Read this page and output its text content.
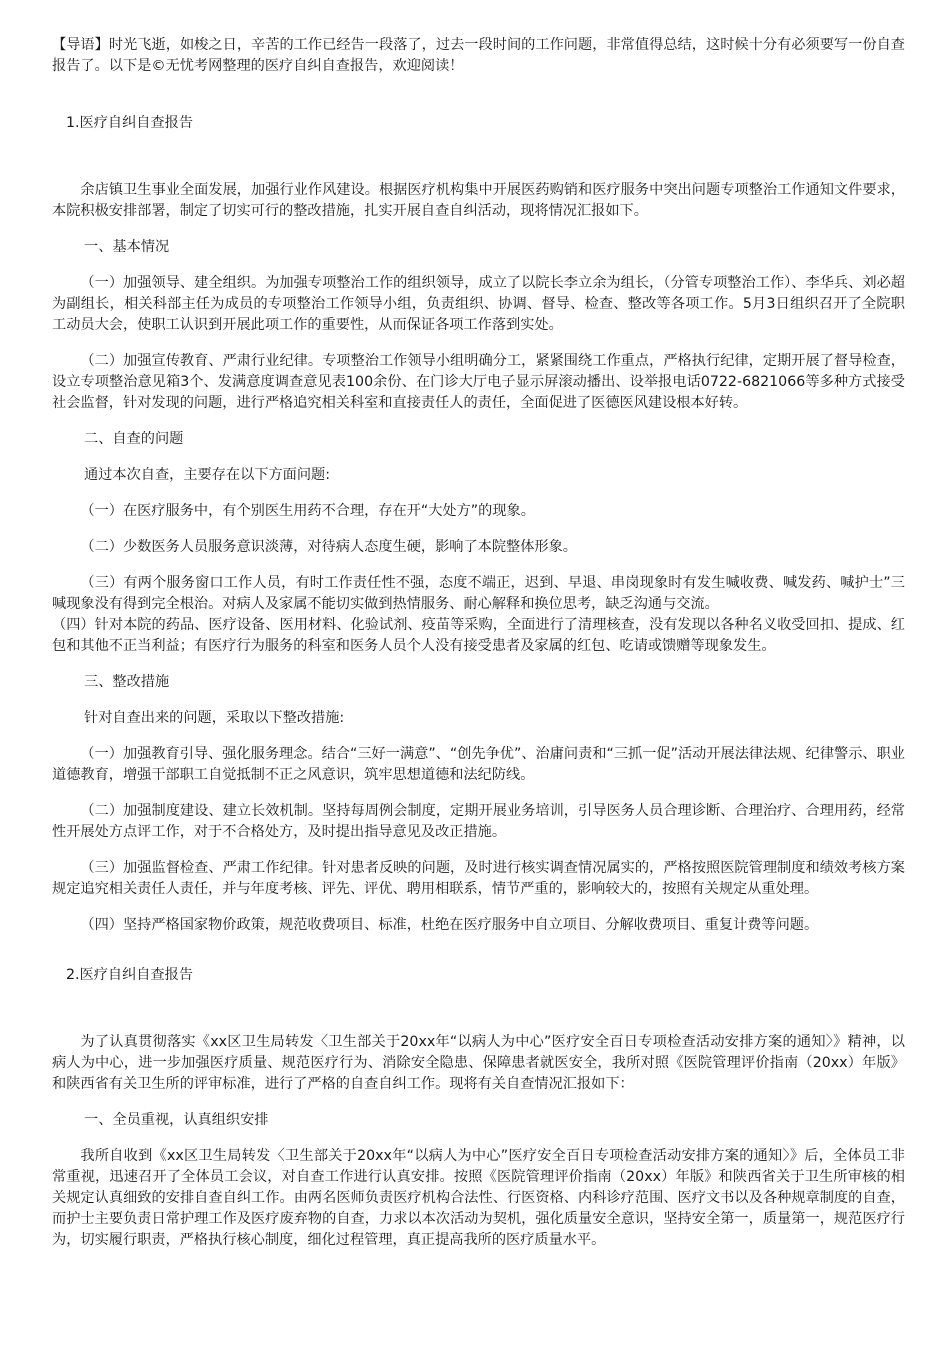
【导语】时光飞逝，如梭之日，辛苦的工作已经告一段落了，过去一段时间的工作问题，非常值得总结，这时候十分有必须要写一份自查报告了。以下是©无忧考网整理的医疗自纠自查报告，欢迎阅读！

1.医疗自纠自查报告

余店镇卫生事业全面发展，加强行业作风建设。根据医疗机构集中开展医药购销和医疗服务中突出问题专项整治工作通知文件要求，本院积极安排部署，制定了切实可行的整改措施，扎实开展自查自纠活动，现将情况汇报如下。

一、基本情况

（一）加强领导、建全组织。为加强专项整治工作的组织领导，成立了以院长李立余为组长，（分管专项整治工作）、李华兵、刘必超为副组长，相关科部主任为成员的专项整治工作领导小组，负责组织、协调、督导、检查、整改等各项工作。5月3日组织召开了全院职工动员大会，使职工认识到开展此项工作的重要性，从而保证各项工作落到实处。

（二）加强宣传教育、严肃行业纪律。专项整治工作领导小组明确分工，紧紧围绕工作重点，严格执行纪律，定期开展了督导检查，设立专项整治意见箱3个、发满意度调查意见表100余份、在门诊大厅电子显示屏滚动播出、设举报电话0722-6821066等多种方式接受社会监督，针对发现的问题，进行严格追究相关科室和直接责任人的责任，全面促进了医德医风建设根本好转。

二、自查的问题

通过本次自查，主要存在以下方面问题:

（一）在医疗服务中，有个别医生用药不合理，存在开“大处方”的现象。

（二）少数医务人员服务意识淡薄，对待病人态度生硬，影响了本院整体形象。

（三）有两个服务窗口工作人员，有时工作责任性不强，态度不端正，迟到、早退、串岗现象时有发生喊收费、喊发药、喊护士”三喊现象没有得到完全根治。对病人及家属不能切实做到热情服务、耐心解释和换位思考，缺乏沟通与交流。

（四）针对本院的药品、医疗设备、医用材料、化验试剂、疫苗等采购，全面进行了清理核查，没有发现以各种名义收受回扣、提成、红包和其他不正当利益；有医疗行为服务的科室和医务人员个人没有接受患者及家属的红包、吃请或馈赠等现象发生。

三、整改措施

针对自查出来的问题，采取以下整改措施:

（一）加强教育引导、强化服务理念。结合“三好一满意”、“创先争优”、治庸问责和“三抓一促”活动开展法律法规、纪律警示、职业道德教育，增强干部职工自觉抵制不正之风意识，筑牢思想道德和法纪防线。

（二）加强制度建设、建立长效机制。坚持每周例会制度，定期开展业务培训，引导医务人员合理诊断、合理治疗、合理用药，经常性开展处方点评工作，对于不合格处方，及时提出指导意见及改正措施。

（三）加强监督检查、严肃工作纪律。针对患者反映的问题，及时进行核实调查情况属实的，严格按照医院管理制度和绩效考核方案规定追究相关责任人责任，并与年度考核、评先、评优、聘用相联系，情节严重的，影响较大的，按照有关规定从重处理。

（四）坚持严格国家物价政策，规范收费项目、标准，杜绝在医疗服务中自立项目、分解收费项目、重复计费等问题。

2.医疗自纠自查报告

为了认真贯彻落实《xx区卫生局转发〈卫生部关于20xx年“以病人为中心”医疗安全百日专项检查活动安排方案的通知〉》精神，以病人为中心，进一步加强医疗质量、规范医疗行为、消除安全隐患、保障患者就医安全，我所对照《医院管理评价指南（20xx）年版》和陕西省有关卫生所的评审标准，进行了严格的自查自纠工作。现将有关自查情况汇报如下：

一、全员重视，认真组织安排

我所自收到《xx区卫生局转发〈卫生部关于20xx年“以病人为中心”医疗安全百日专项检查活动安排方案的通知〉》后，全体员工非常重视，迅速召开了全体员工会议，对自查工作进行认真安排。按照《医院管理评价指南（20xx）年版》和陕西省关于卫生所审核的相关规定认真细致的安排自查自纠工作。由两名医师负责医疗机构合法性、行医资格、内科诊疗范围、医疗文书以及各种规章制度的自查，而护士主要负责日常护理工作及医疗废弃物的自查，力求以本次活动为契机，强化质量安全意识，坚持安全第一，质量第一，规范医疗行为，切实履行职责，严格执行核心制度，细化过程管理，真正提高我所的医疗质量水平。
